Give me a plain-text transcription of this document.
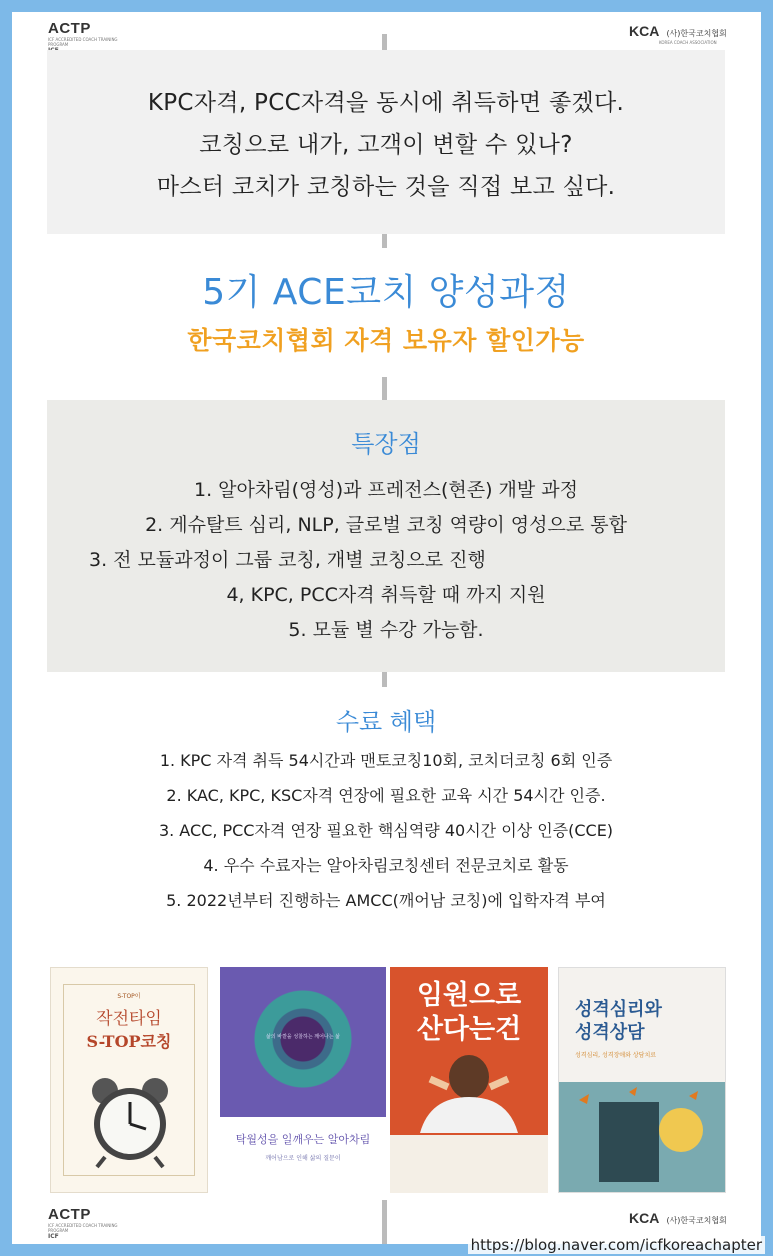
ACTP
ICF ACCREDITED COACH TRAINING PROGRAM
KCA (사)한국코치협회
KOREA COACH ASSOCIATION
KPC자격, PCC자격을 동시에 취득하면 좋겠다.
코칭으로 내가, 고객이 변할 수 있나?
마스터 코치가 코칭하는 것을 직접 보고 싶다.
5기 ACE코치 양성과정
한국코치협회 자격 보유자 할인가능
특장점
1. 알아차림(영성)과 프레전스(현존) 개발 과정
2. 게슈탈트 심리, NLP, 글로벌 코칭 역량이 영성으로 통합
3. 전 모듈과정이 그룹 코칭, 개별 코칭으로 진행
4, KPC, PCC자격 취득할 때 까지 지원
5. 모듈 별 수강 가능함.
수료 혜택
1. KPC 자격 취득 54시간과 맨토코칭10회, 코치더코칭 6회 인증
2. KAC, KPC, KSC자격 연장에 필요한 교육 시간 54시간 인증.
3. ACC, PCC자격 연장 필요한 핵심역량 40시간 이상 인증(CCE)
4. 우수 수료자는 알아차림코칭센터 전문코치로 활동
5. 2022년부터 진행하는 AMCC(깨어남 코칭)에 입학자격 부여
S-TOP이
작전타임
S-TOP코칭	삶의 바깥을 성찰하는 깨어나는 삶
탁월성을 일깨우는 알아차림
깨어남으로 인해 삶의 질문이
임원으로
산다는건
성격심리와
성격상담
성격심리, 성격장애와 상담치료
ACTP
ICF ACCREDITED COACH TRAINING PROGRAM
ICF
KCA (사)한국코치협회
https://blog.naver.com/icfkoreachapter
